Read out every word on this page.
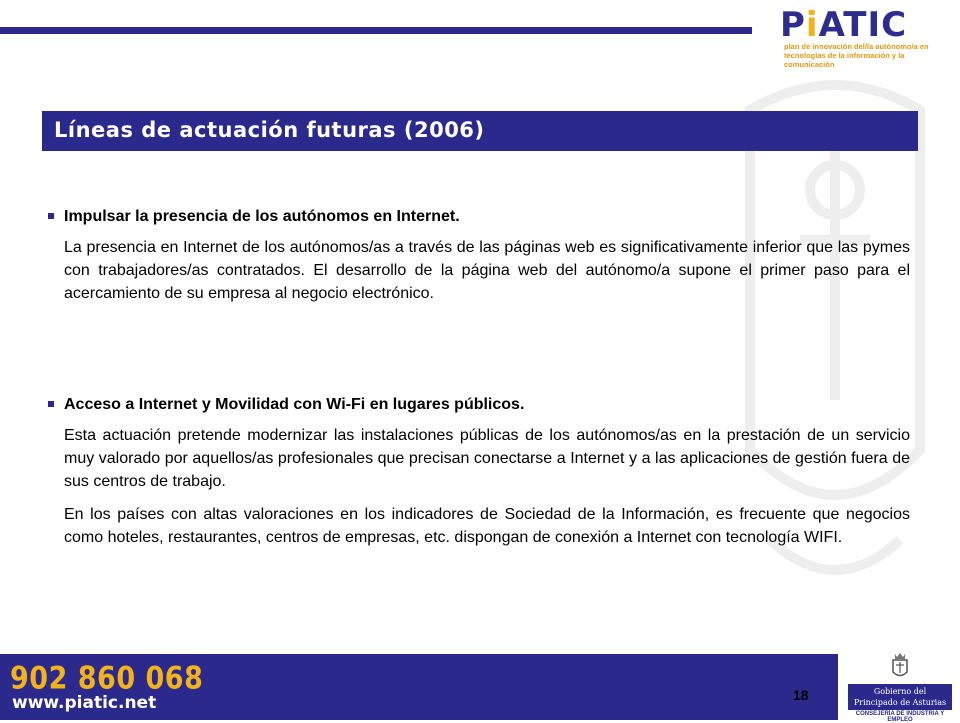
PiATIC
plan de innovación del/la autónomo/a en
tecnologías de la información y la comunicación
Líneas de actuación futuras (2006)
Impulsar la presencia de los autónomos en Internet.

La presencia en Internet de los autónomos/as a través de las páginas web es significativamente inferior que las pymes con trabajadores/as contratados. El desarrollo de la página web del autónomo/a supone el primer paso para el acercamiento de su empresa al negocio electrónico.

Acceso a Internet y Movilidad con Wi-Fi en lugares públicos.

Esta actuación pretende modernizar las instalaciones públicas de los autónomos/as en la prestación de un servicio muy valorado por aquellos/as profesionales que precisan conectarse a Internet y a las aplicaciones de gestión fuera de sus centros de trabajo.

En los países con altas valoraciones en los indicadores de Sociedad de la Información, es frecuente que negocios como hoteles, restaurantes, centros de empresas, etc. dispongan de conexión a Internet con tecnología WIFI.

902 860 068
www.piatic.net	18	Gobierno del
Principado de Asturias
CONSEJERÍA DE INDUSTRIA Y EMPLEO
